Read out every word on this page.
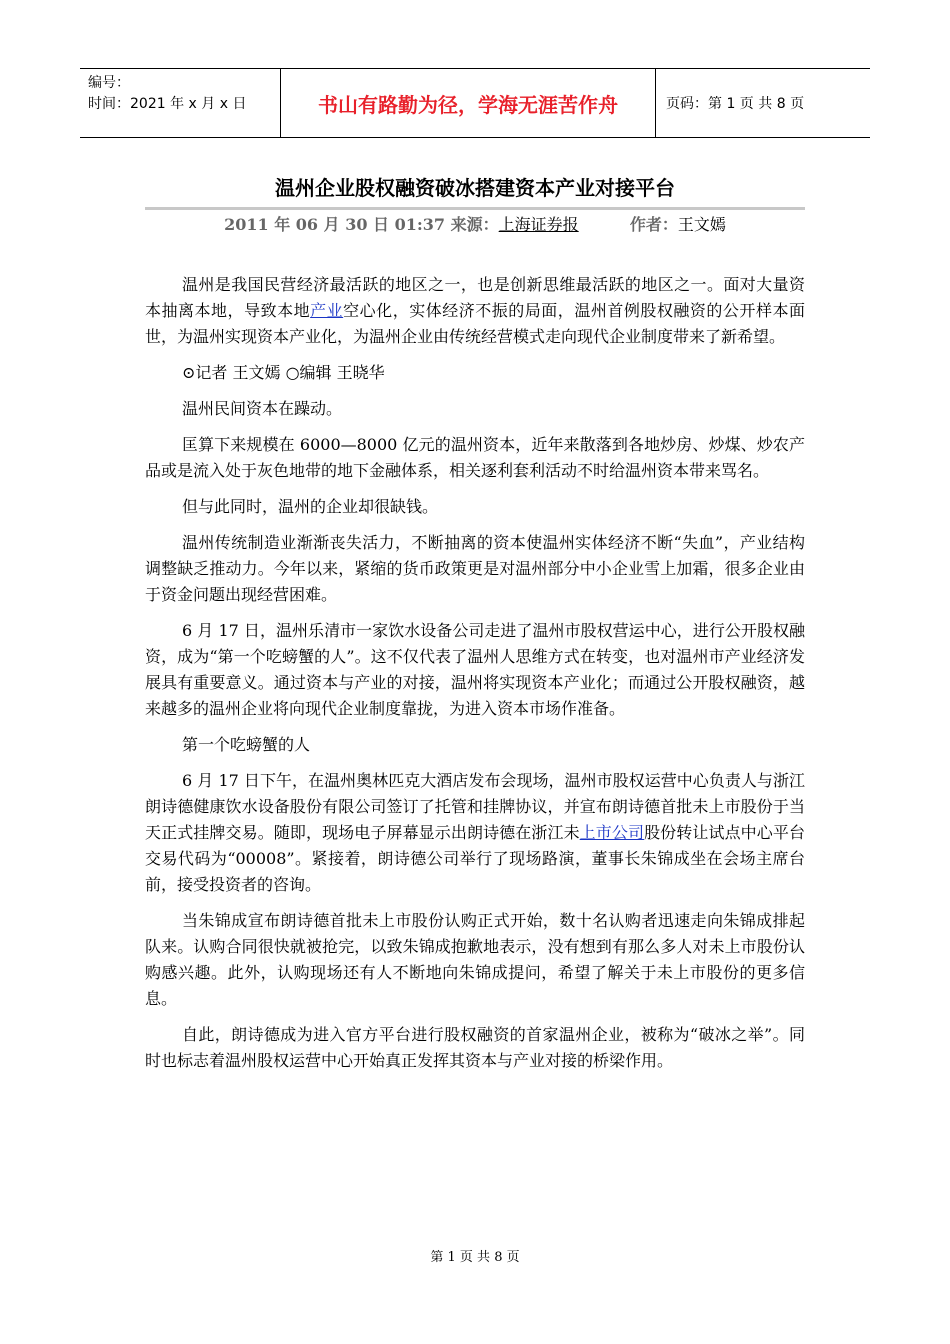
编号：
时间：2021 年 x 月 x 日	书山有路勤为径，学海无涯苦作舟	页码：第 1 页 共 8 页
温州企业股权融资破冰搭建资本产业对接平台
2011 年 06 月 30 日 01:37 来源：上海证券报	作者：王文嫣

温州是我国民营经济最活跃的地区之一，也是创新思维最活跃的地区之一。面对大量资本抽离本地，导致本地产业空心化，实体经济不振的局面，温州首例股权融资的公开样本面世，为温州实现资本产业化，为温州企业由传统经营模式走向现代企业制度带来了新希望。

⊙记者 王文嫣 ○编辑 王晓华

温州民间资本在躁动。

匡算下来规模在 6000—8000 亿元的温州资本，近年来散落到各地炒房、炒煤、炒农产品或是流入处于灰色地带的地下金融体系，相关逐利套利活动不时给温州资本带来骂名。

但与此同时，温州的企业却很缺钱。

温州传统制造业渐渐丧失活力，不断抽离的资本使温州实体经济不断“失血”，产业结构调整缺乏推动力。今年以来，紧缩的货币政策更是对温州部分中小企业雪上加霜，很多企业由于资金问题出现经营困难。

6 月 17 日，温州乐清市一家饮水设备公司走进了温州市股权营运中心，进行公开股权融资，成为“第一个吃螃蟹的人”。这不仅代表了温州人思维方式在转变，也对温州市产业经济发展具有重要意义。通过资本与产业的对接，温州将实现资本产业化；而通过公开股权融资，越来越多的温州企业将向现代企业制度靠拢，为进入资本市场作准备。

第一个吃螃蟹的人

6 月 17 日下午，在温州奥林匹克大酒店发布会现场，温州市股权运营中心负责人与浙江朗诗德健康饮水设备股份有限公司签订了托管和挂牌协议，并宣布朗诗德首批未上市股份于当天正式挂牌交易。随即，现场电子屏幕显示出朗诗德在浙江未上市公司股份转让试点中心平台交易代码为“00008”。紧接着，朗诗德公司举行了现场路演，董事长朱锦成坐在会场主席台前，接受投资者的咨询。

当朱锦成宣布朗诗德首批未上市股份认购正式开始，数十名认购者迅速走向朱锦成排起队来。认购合同很快就被抢完，以致朱锦成抱歉地表示，没有想到有那么多人对未上市股份认购感兴趣。此外，认购现场还有人不断地向朱锦成提问，希望了解关于未上市股份的更多信息。

自此，朗诗德成为进入官方平台进行股权融资的首家温州企业，被称为“破冰之举”。同时也标志着温州股权运营中心开始真正发挥其资本与产业对接的桥梁作用。

第 1 页 共 8 页
